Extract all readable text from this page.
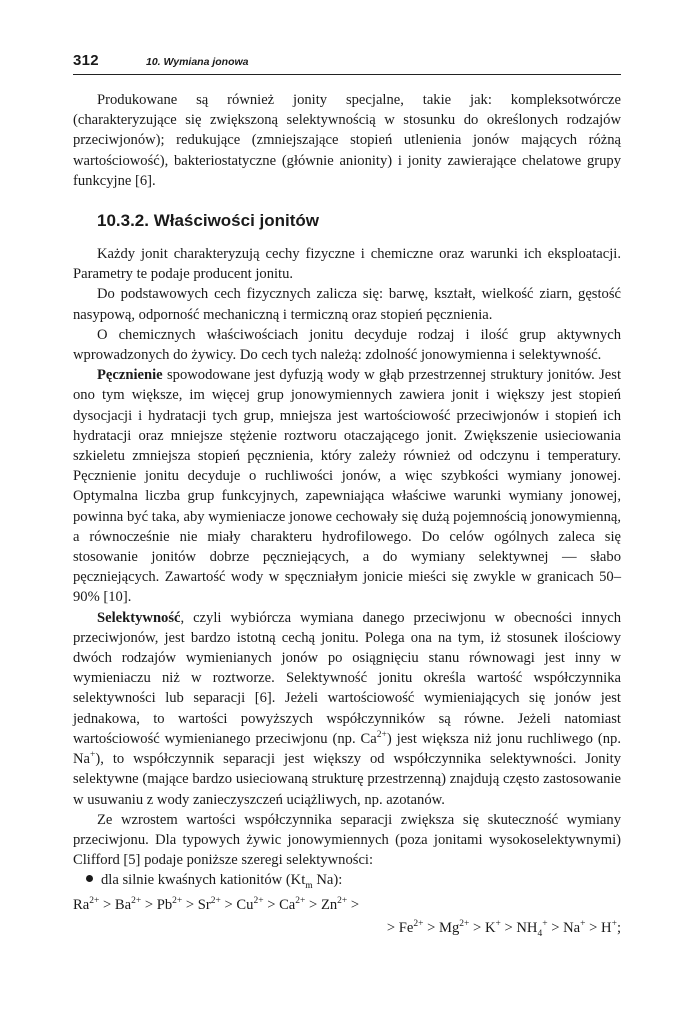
312	10. Wymiana jonowa

Produkowane są również jonity specjalne, takie jak: kompleksotwórcze (charakteryzujące się zwiększoną selektywnością w stosunku do określonych rodzajów przeciwjonów); redukujące (zmniejszające stopień utlenienia jonów mających różną wartościowość), bakteriostatyczne (głównie anionity) i jonity zawierające chelatowe grupy funkcyjne [6].

10.3.2. Właściwości jonitów

Każdy jonit charakteryzują cechy fizyczne i chemiczne oraz warunki ich eksploatacji. Parametry te podaje producent jonitu.

Do podstawowych cech fizycznych zalicza się: barwę, kształt, wielkość ziarn, gęstość nasypową, odporność mechaniczną i termiczną oraz stopień pęcznienia.

O chemicznych właściwościach jonitu decyduje rodzaj i ilość grup aktywnych wprowadzonych do żywicy. Do cech tych należą: zdolność jonowymienna i selektywność.

Pęcznienie spowodowane jest dyfuzją wody w głąb przestrzennej struktury jonitów. Jest ono tym większe, im więcej grup jonowymiennych zawiera jonit i większy jest stopień dysocjacji i hydratacji tych grup, mniejsza jest wartościowość przeciwjonów i stopień ich hydratacji oraz mniejsze stężenie roztworu otaczającego jonit. Zwiększenie usieciowania szkieletu zmniejsza stopień pęcznienia, który zależy również od odczynu i temperatury. Pęcznienie jonitu decyduje o ruchliwości jonów, a więc szybkości wymiany jonowej. Optymalna liczba grup funkcyjnych, zapewniająca właściwe warunki wymiany jonowej, powinna być taka, aby wymieniacze jonowe cechowały się dużą pojemnością jonowymienną, a równocześnie nie miały charakteru hydrofilowego. Do celów ogólnych zaleca się stosowanie jonitów dobrze pęczniejących, a do wymiany selektywnej — słabo pęczniejących. Zawartość wody w spęczniałym jonicie mieści się zwykle w granicach 50–90% [10].

Selektywność, czyli wybiórcza wymiana danego przeciwjonu w obecności innych przeciwjonów, jest bardzo istotną cechą jonitu. Polega ona na tym, iż stosunek ilościowy dwóch rodzajów wymienianych jonów po osiągnięciu stanu równowagi jest inny w wymieniaczu niż w roztworze. Selektywność jonitu określa wartość współczynnika selektywności lub separacji [6]. Jeżeli wartościowość wymieniających się jonów jest jednakowa, to wartości powyższych współczynników są równe. Jeżeli natomiast wartościowość wymienianego przeciwjonu (np. $Ca^{2+}$) jest większa niż jonu ruchliwego (np. Na+), to współczynnik separacji jest większy od współczynnika selektywności. Jonity selektywne (mające bardzo usieciowaną strukturę przestrzenną) znajdują często zastosowanie w usuwaniu z wody zanieczyszczeń uciążliwych, np. azotanów.

Ze wzrostem wartości współczynnika separacji zwiększa się skuteczność wymiany przeciwjonu. Dla typowych żywic jonowymiennych (poza jonitami wysokoselektywnymi) Clifford [5] podaje poniższe szeregi selektywności:

dla silnie kwaśnych kationitów ($Kt_m$ Na):

$Ra^{2+} > Ba^{2+} > Pb^{2+} > Sr^{2+} > Cu^{2+} > Ca^{2+} > Zn^{2+}$ >

> $Fe^{2+} > Mg^{2+} > K^+ > NH_4^+ > Na^+ > H^+$;
